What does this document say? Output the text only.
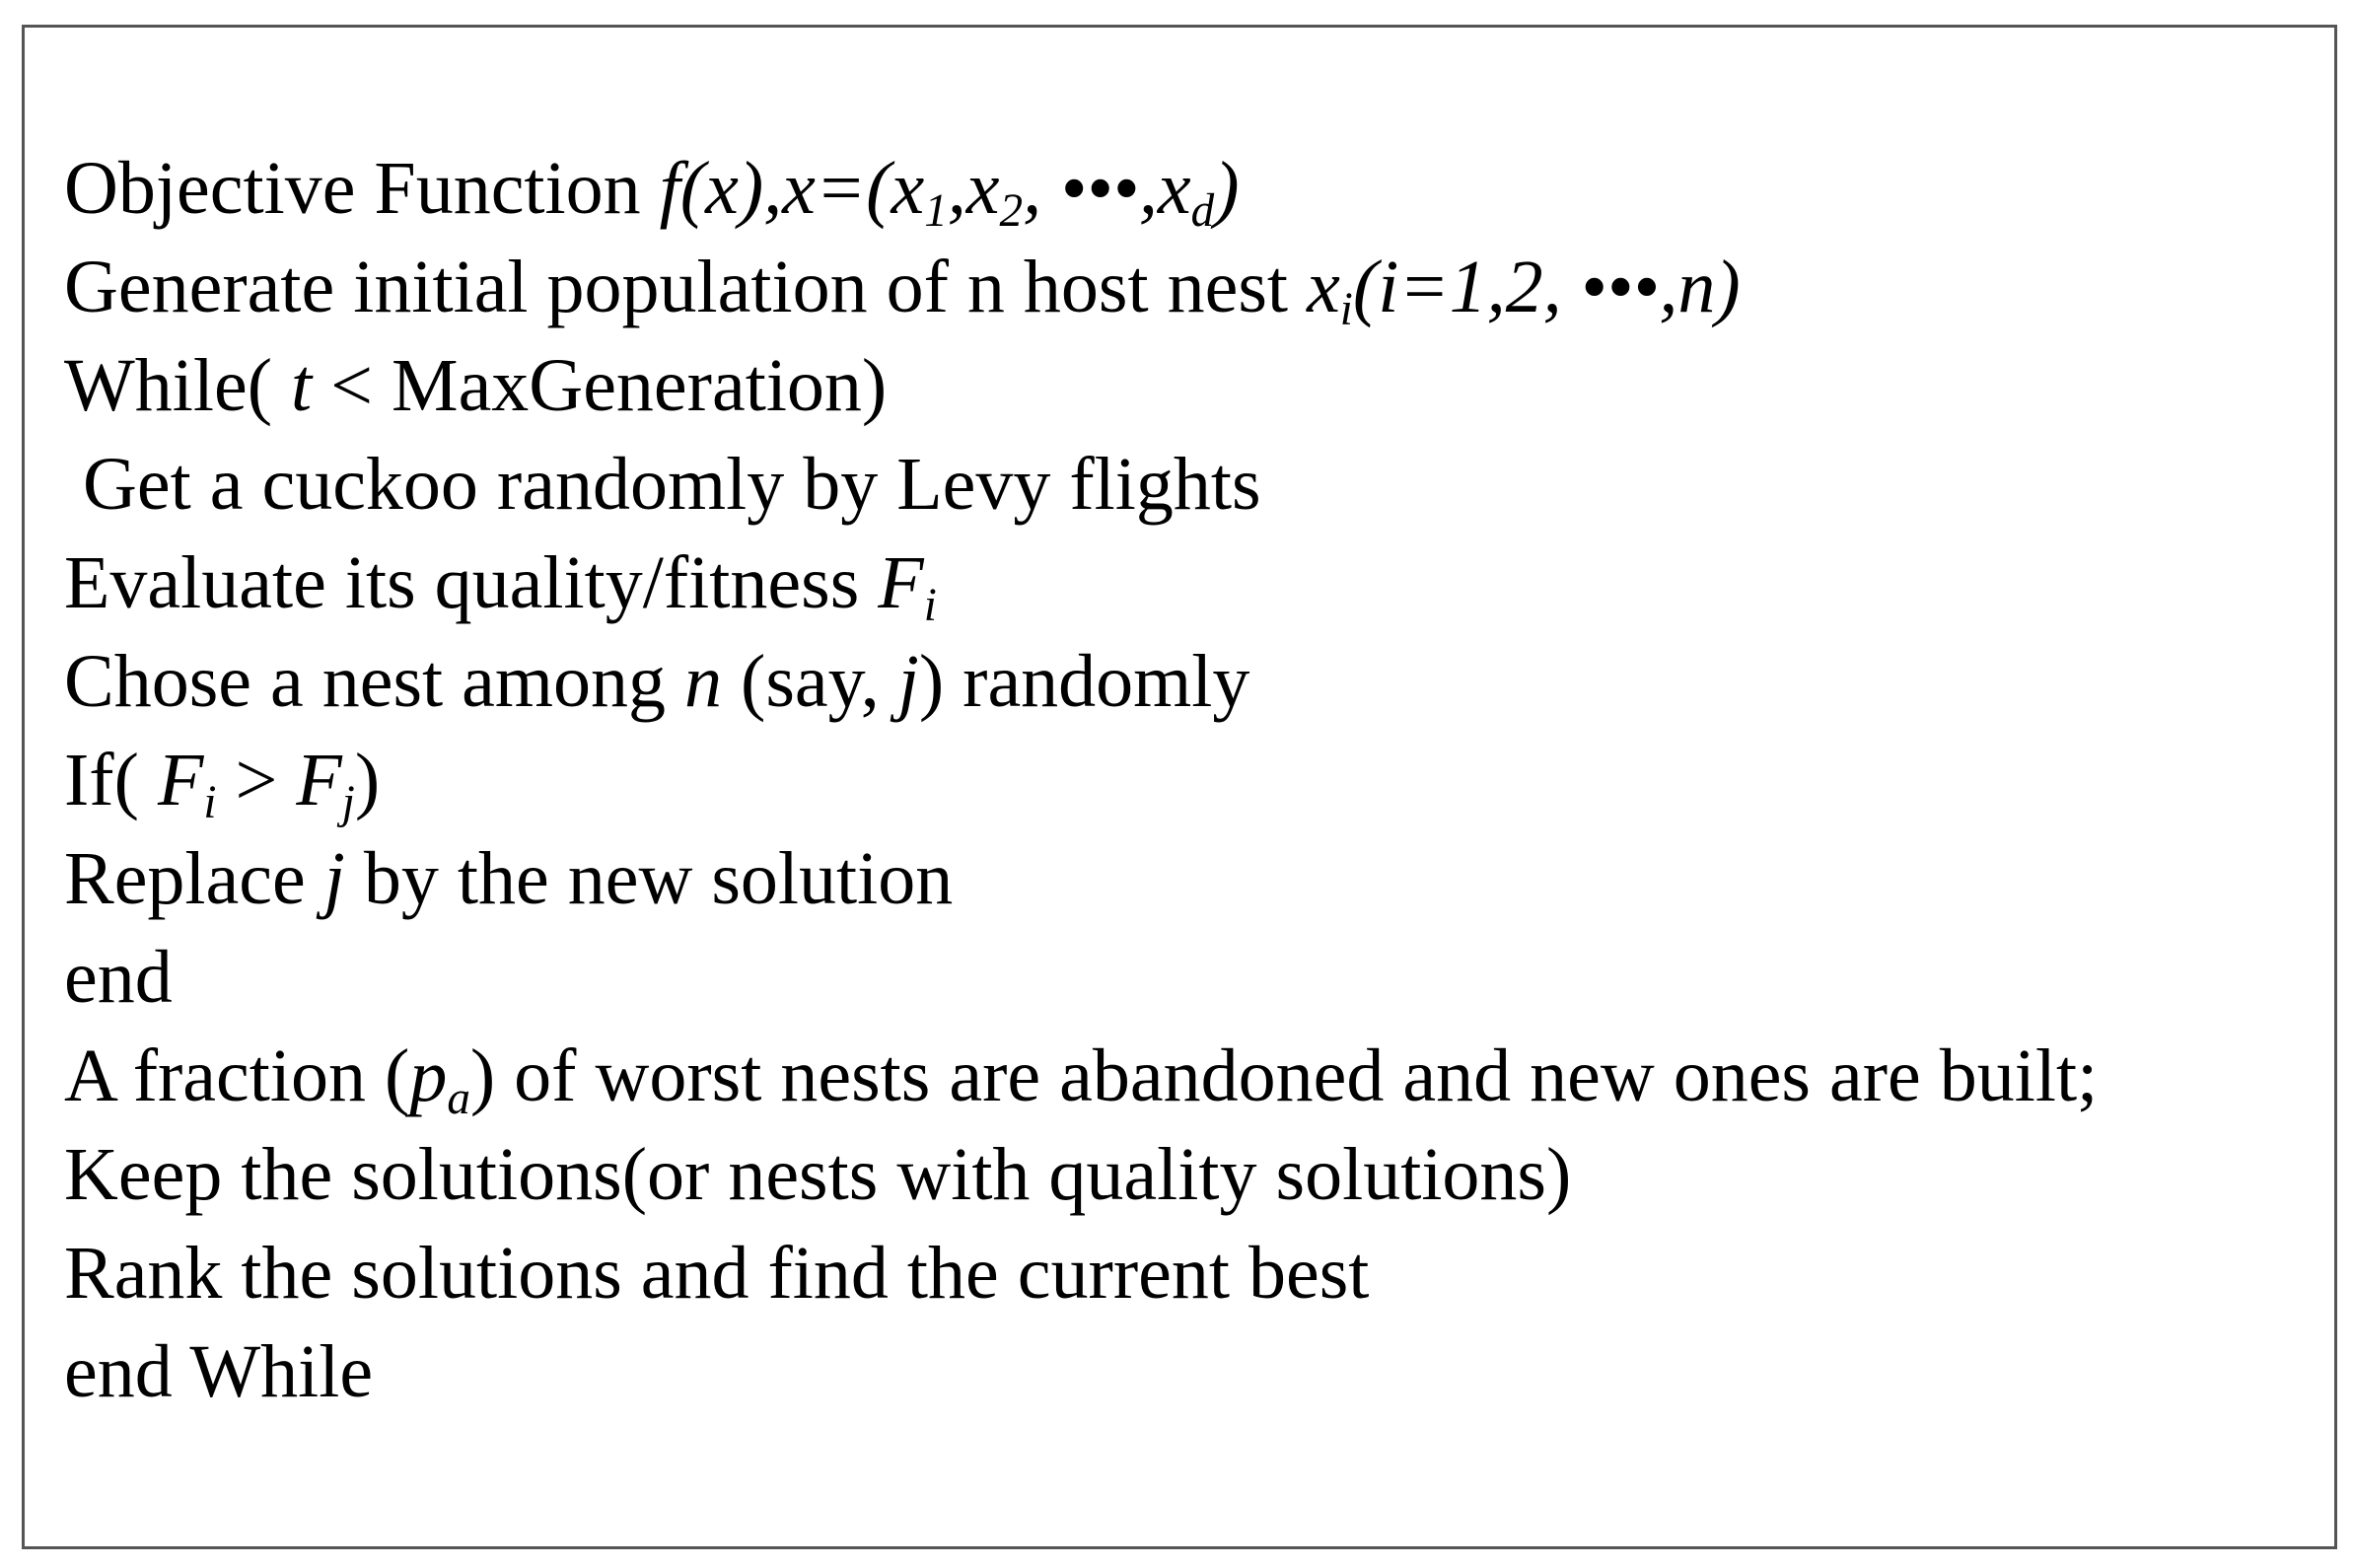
Objective Function $f(x),x=(x_1,x_2$, $•••,x_d$)
Generate initial population of n host nest $x_i(i=1,2$, •••,n)
While( t < MaxGeneration)
Get a cuckoo randomly by Levy flights
Evaluate its quality/fitness $F_i$
Chose a nest among n (say, j) randomly
If( $F_i > F_j$)
Replace j by the new solution
end
A fraction $(p_a)$ of worst nests are abandoned and new ones are built;
Keep the solutions(or nests with quality solutions)
Rank the solutions and find the current best
end While
